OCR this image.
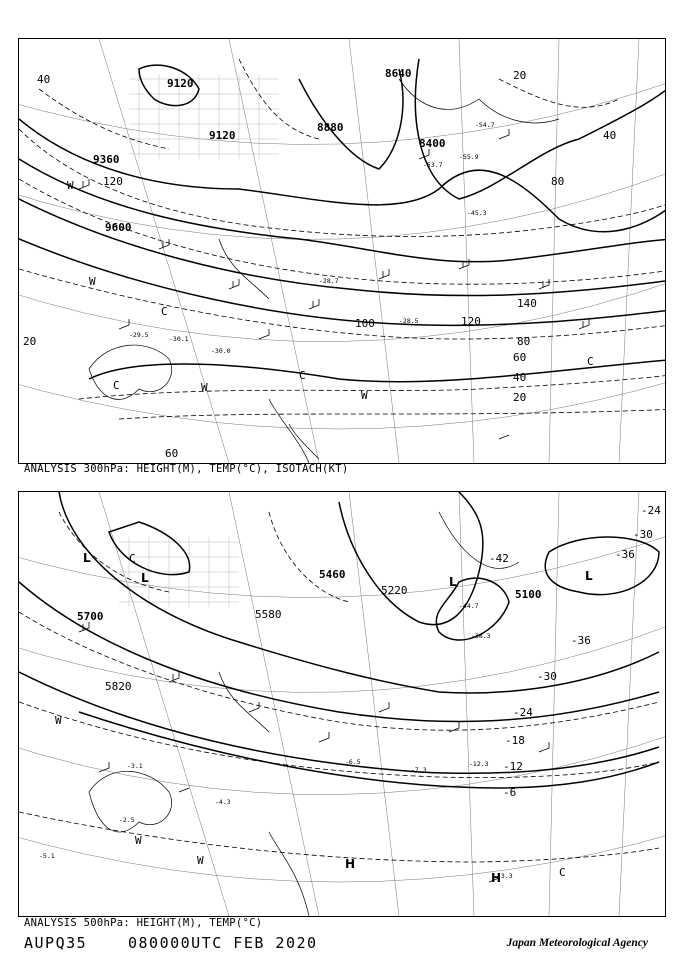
9120
9120
8640
8880
8400
9360
9600
120
140
120
100
80
60
40
20
80
40
20
40
60
20	-29.5
-30.0
-30.1
-28.5
-28.7
-53.7
-55.9
-54.7
-45.3
W
W
C
W
C
C
C
W
ANALYSIS 300hPa: HEIGHT(M), TEMP(°C), ISOTACH(KT)
5700
5820
5460
5580
5100
5220
-24
-30
-36
-42
-36
-30
-24
-18
-12
-6
-12.3
-7.3
-6.5
-4.3
-3.3
-2.5
-3.1
-5.1
-44.7
-38.3
L
L	L	L
H
H
W
W
C
W
C
ANALYSIS 500hPa: HEIGHT(M), TEMP(°C)
AUPQ35	080000UTC FEB 2020	Japan Meteorological Agency
